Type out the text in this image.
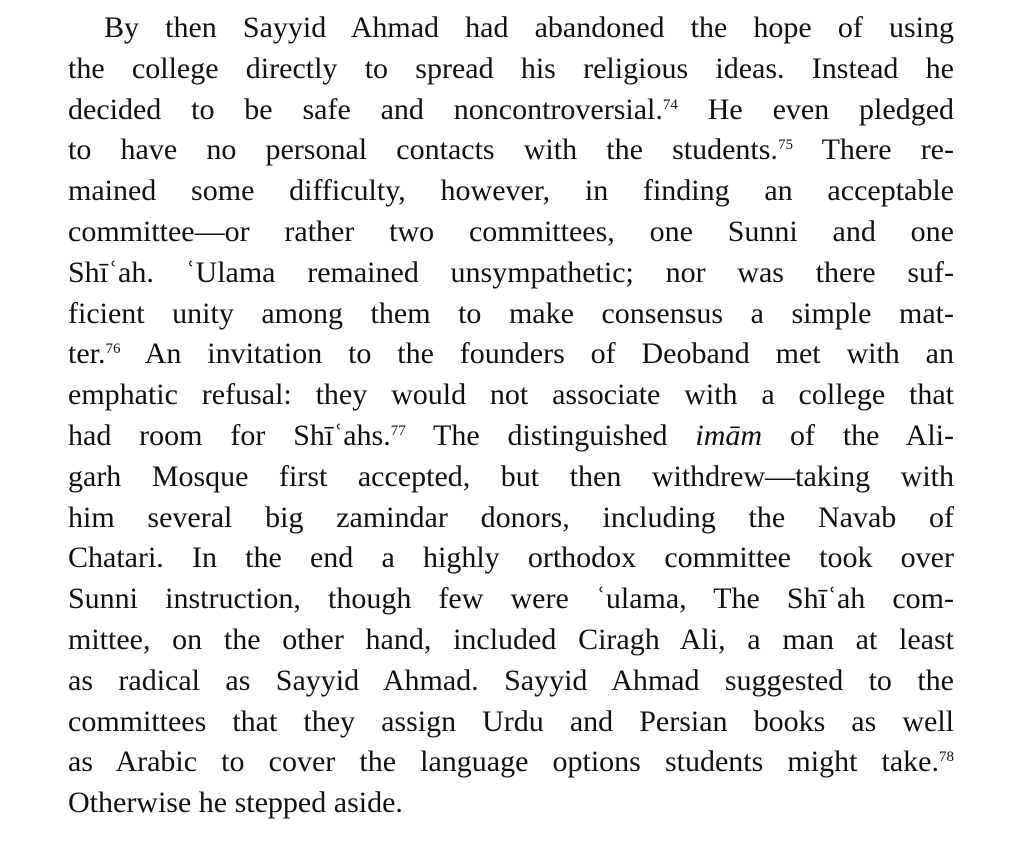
By then Sayyid Ahmad had abandoned the hope of using
the college directly to spread his religious ideas. Instead he
decided to be safe and noncontroversial.$^{74}$ He even pledged
to have no personal contacts with the students.$^{75}$ There re-
mained some difficulty, however, in finding an acceptable
committee—or rather two committees, one Sunni and one
Shīʿah. ʿUlama remained unsympathetic; nor was there suf-
ficient unity among them to make consensus a simple mat-
ter.$^{76}$ An invitation to the founders of Deoband met with an
emphatic refusal: they would not associate with a college that
had room for Shīʿahs.$^{77}$ The distinguished imām of the Ali-
garh Mosque first accepted, but then withdrew—taking with
him several big zamindar donors, including the Navab of
Chatari. In the end a highly orthodox committee took over
Sunni instruction, though few were ʿulama, The Shīʿah com-
mittee, on the other hand, included Ciragh Ali, a man at least
as radical as Sayyid Ahmad. Sayyid Ahmad suggested to the
committees that they assign Urdu and Persian books as well
as Arabic to cover the language options students might take.$^{78}$
Otherwise he stepped aside.
